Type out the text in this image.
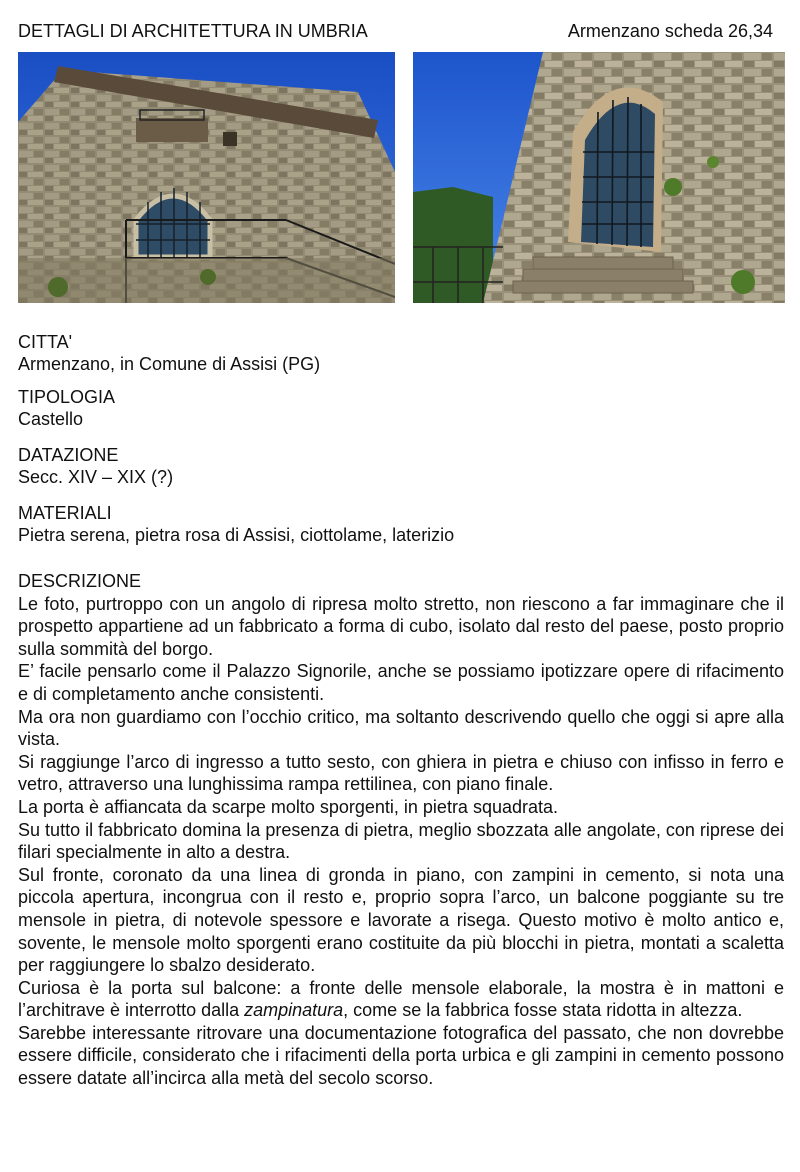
DETTAGLI DI ARCHITETTURA IN UMBRIA	Armenzano scheda 26,34
CITTA'
Armenzano, in Comune di Assisi (PG)
TIPOLOGIA
Castello
DATAZIONE
Secc. XIV – XIX (?)
MATERIALI
Pietra serena, pietra rosa di Assisi, ciottolame, laterizio
DESCRIZIONE

Le foto, purtroppo con un angolo di ripresa molto stretto, non riescono a far immaginare che il prospetto appartiene ad un fabbricato a forma di cubo, isolato dal resto del paese, posto proprio sulla sommità del borgo.

E’ facile pensarlo come il Palazzo Signorile, anche se possiamo ipotizzare opere di rifacimento e di completamento anche consistenti.

Ma ora non guardiamo con l’occhio critico, ma soltanto descrivendo quello che oggi si apre alla vista.

Si raggiunge l’arco di ingresso a tutto sesto, con ghiera in pietra e chiuso con infisso in ferro e vetro, attraverso una lunghissima rampa rettilinea, con piano finale.

La porta è affiancata da scarpe molto sporgenti, in pietra squadrata.

Su tutto il fabbricato domina la presenza di pietra, meglio sbozzata alle angolate, con riprese dei filari specialmente in alto a destra.

Sul fronte, coronato da una linea di gronda in piano, con zampini in cemento, si nota una piccola apertura, incongrua con il resto e, proprio sopra l’arco, un balcone poggiante su tre mensole in pietra, di notevole spessore e lavorate a risega. Questo motivo è molto antico e, sovente, le mensole molto sporgenti erano costituite da più blocchi in pietra, montati a scaletta per raggiungere lo sbalzo desiderato.

Curiosa è la porta sul balcone: a fronte delle mensole elaborale, la mostra è in mattoni e l’architrave è interrotto dalla zampinatura, come se la fabbrica fosse stata ridotta in altezza.

Sarebbe interessante ritrovare una documentazione fotografica del passato, che non dovrebbe essere difficile, considerato che i rifacimenti della porta urbica e gli zampini in cemento possono essere datate all’incirca alla metà del secolo scorso.
